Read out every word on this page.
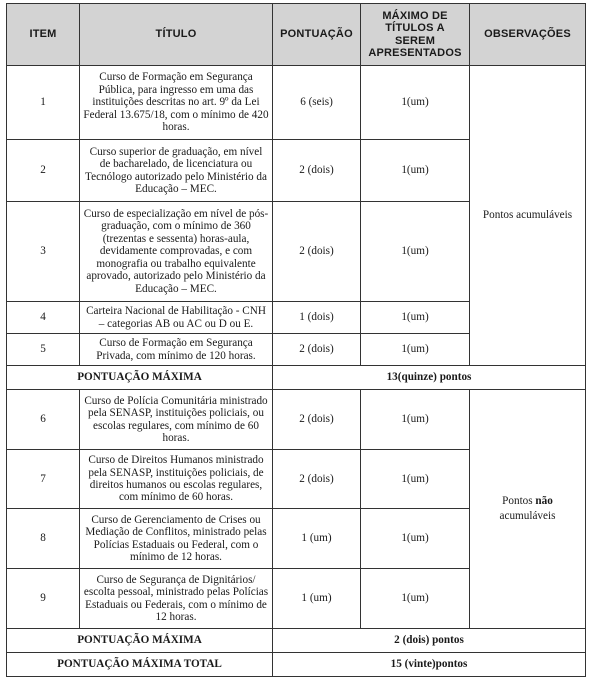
ITEM	TÍTULO	PONTUAÇÃO	MÁXIMO DE TÍTULOS A SEREM APRESENTADOS	OBSERVAÇÕES
1	Curso de Formação em Segurança Pública, para ingresso em uma das instituições descritas no art. 9º da Lei Federal 13.675/18, com o mínimo de 420 horas.	6 (seis)	1(um)	Pontos acumuláveis
2	Curso superior de graduação, em nível de bacharelado, de licenciatura ou Tecnólogo autorizado pelo Ministério da Educação – MEC.	2 (dois)	1(um)	
3	Curso de especialização em nível de pós-graduação, com o mínimo de 360 (trezentas e sessenta) horas-aula, devidamente comprovadas, e com monografia ou trabalho equivalente aprovado, autorizado pelo Ministério da Educação – MEC.	2 (dois)	1(um)	
4	Carteira Nacional de Habilitação - CNH – categorias AB ou AC ou D ou E.	1 (dois)	1(um)	
5	Curso de Formação em Segurança Privada, com mínimo de 120 horas.	2 (dois)	1(um)	
PONTUAÇÃO MÁXIMA		13(quinze) pontos		
6	Curso de Polícia Comunitária ministrado pela SENASP, instituições policiais, ou escolas regulares, com mínimo de 60 horas.	2 (dois)	1(um)	Pontos não
acumuláveis
7	Curso de Direitos Humanos ministrado pela SENASP, instituições policiais, de direitos humanos ou escolas regulares, com mínimo de 60 horas.	2 (dois)	1(um)	
8	Curso de Gerenciamento de Crises ou Mediação de Conflitos, ministrado pelas Polícias Estaduais ou Federal, com o mínimo de 12 horas.	1 (um)	1(um)	
9	Curso de Segurança de Dignitários/ escolta pessoal, ministrado pelas Polícias Estaduais ou Federais, com o mínimo de 12 horas.	1 (um)	1(um)	
PONTUAÇÃO MÁXIMA		2 (dois) pontos		
PONTUAÇÃO MÁXIMA TOTAL		15 (vinte)pontos		
